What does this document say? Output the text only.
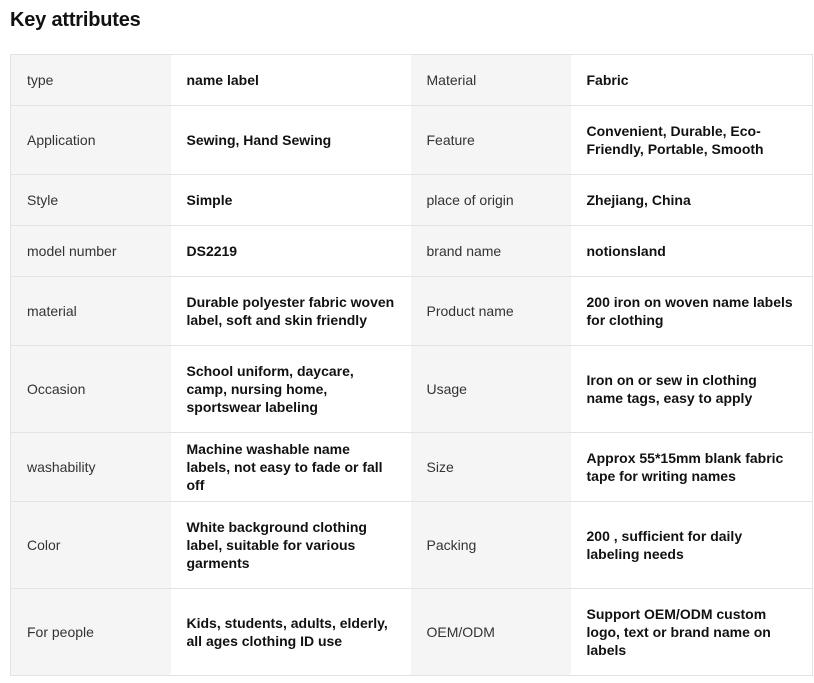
Key attributes
type	name label	Material	Fabric
Application	Sewing, Hand Sewing	Feature	Convenient, Durable, Eco-Friendly, Portable, Smooth
Style	Simple	place of origin	Zhejiang, China
model number	DS2219	brand name	notionsland
material	Durable polyester fabric woven label, soft and skin friendly	Product name	200 iron on woven name labels for clothing
Occasion	School uniform, daycare, camp, nursing home, sportswear labeling	Usage	Iron on or sew in clothing name tags, easy to apply
washability	Machine washable name labels, not easy to fade or fall off	Size	Approx 55*15mm blank fabric tape for writing names
Color	White background clothing label, suitable for various garments	Packing	200 , sufficient for daily labeling needs
For people	Kids, students, adults, elderly, all ages clothing ID use	OEM/ODM	Support OEM/ODM custom logo, text or brand name on labels
